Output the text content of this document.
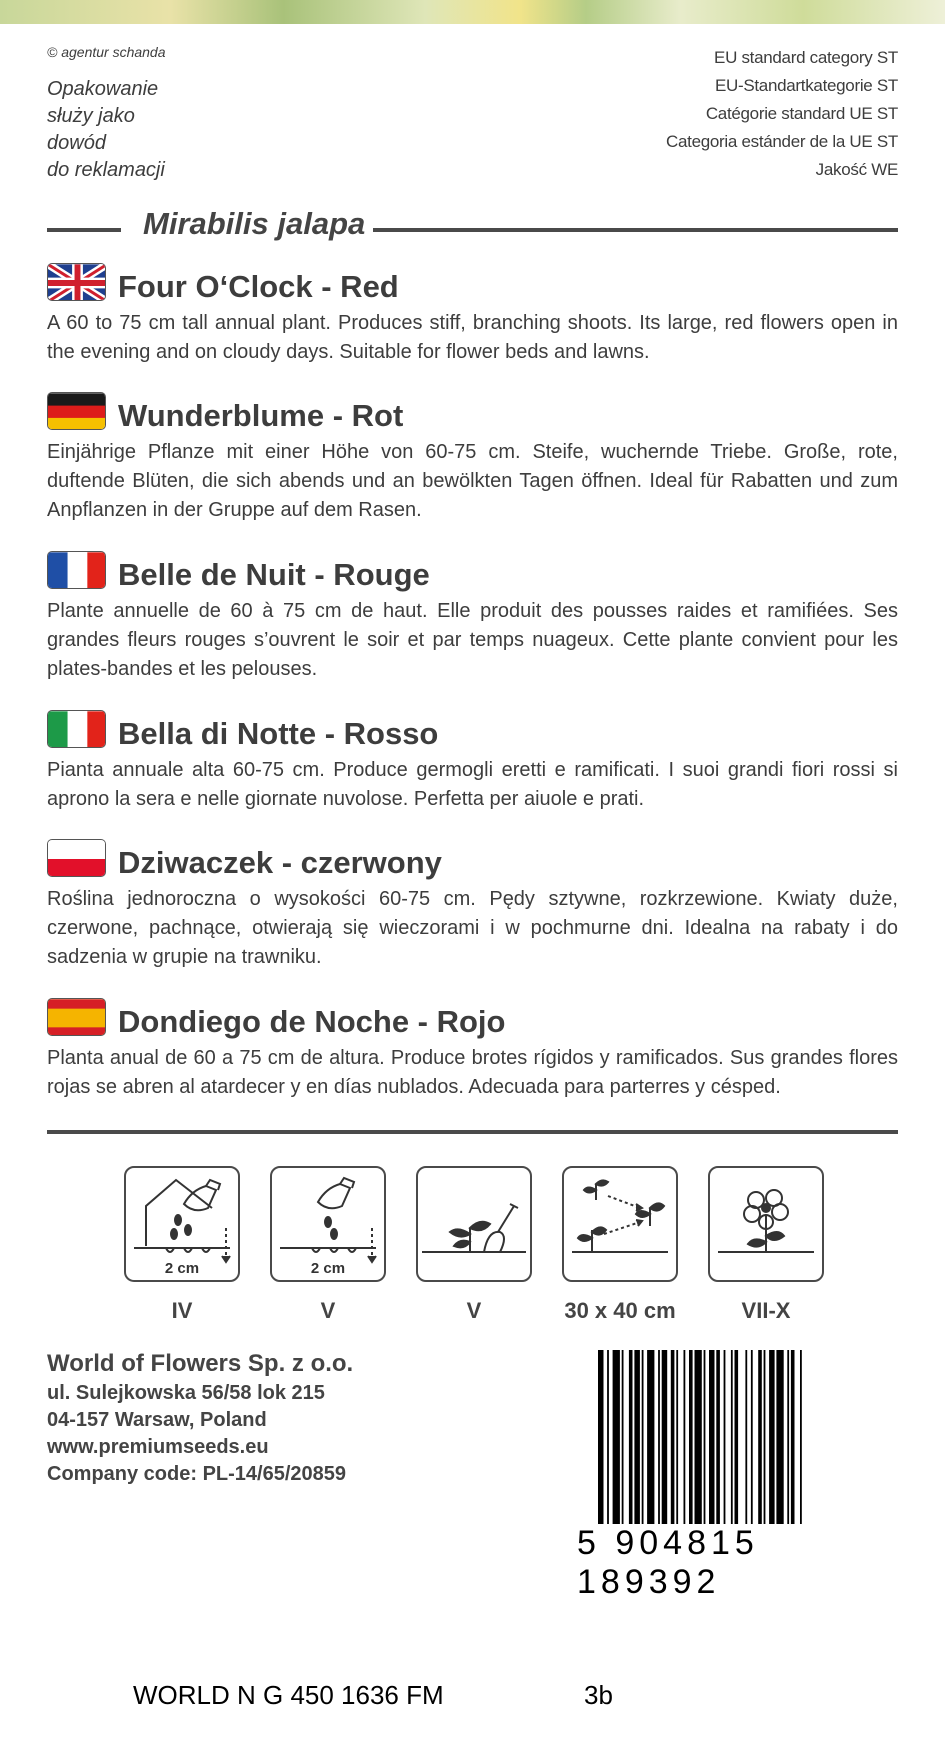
© agentur schanda
Opakowanie
służy jako
dowód
do reklamacji
EU standard category ST
EU-Standartkategorie ST
Catégorie standard UE ST
Categoria estánder de la UE ST
Jakość WE
Mirabilis jalapa
Four O‘Clock - Red
A 60 to 75 cm tall annual plant. Produces stiff, branching shoots. Its large, red flowers open in the evening and on cloudy days. Suitable for flower beds and lawns.
Wunderblume - Rot
Einjährige Pflanze mit einer Höhe von 60-75 cm. Steife, wuchernde Triebe. Große, rote, duftende Blüten, die sich abends und an bewölkten Tagen öffnen. Ideal für Rabatten und zum Anpflanzen in der Gruppe auf dem Rasen.
Belle de Nuit - Rouge
Plante annuelle de 60 à 75 cm de haut. Elle produit des pousses raides et ramifiées. Ses grandes fleurs rouges s’ouvrent le soir et par temps nuageux. Cette plante convient pour les plates-bandes et les pelouses.
Bella di Notte - Rosso
Pianta annuale alta 60-75 cm. Produce germogli eretti e ramificati. I suoi grandi fiori rossi si aprono la sera e nelle giornate nuvolose. Perfetta per aiuole e prati.
Dziwaczek - czerwony
Roślina jednoroczna o wysokości 60-75 cm. Pędy sztywne, rozkrzewione. Kwiaty duże, czerwone, pachnące, otwierają się wieczorami i w pochmurne dni. Idealna na rabaty i do sadzenia w grupie na trawniku.
Dondiego de Noche - Rojo
Planta anual de 60 a 75 cm de altura. Produce brotes rígidos y ramificados. Sus grandes flores rojas se abren al atardecer y en días nublados. Adecuada para parterres y césped.
2 cm	2 cm
IV	V	V	30 x 40 cm	VII-X
World of Flowers Sp. z o.o.
ul. Sulejkowska 56/58 lok 215
04-157 Warsaw, Poland
www.premiumseeds.eu
Company code: PL-14/65/20859
5 904815 189392
WORLD N G 450 1636 FM	3b
